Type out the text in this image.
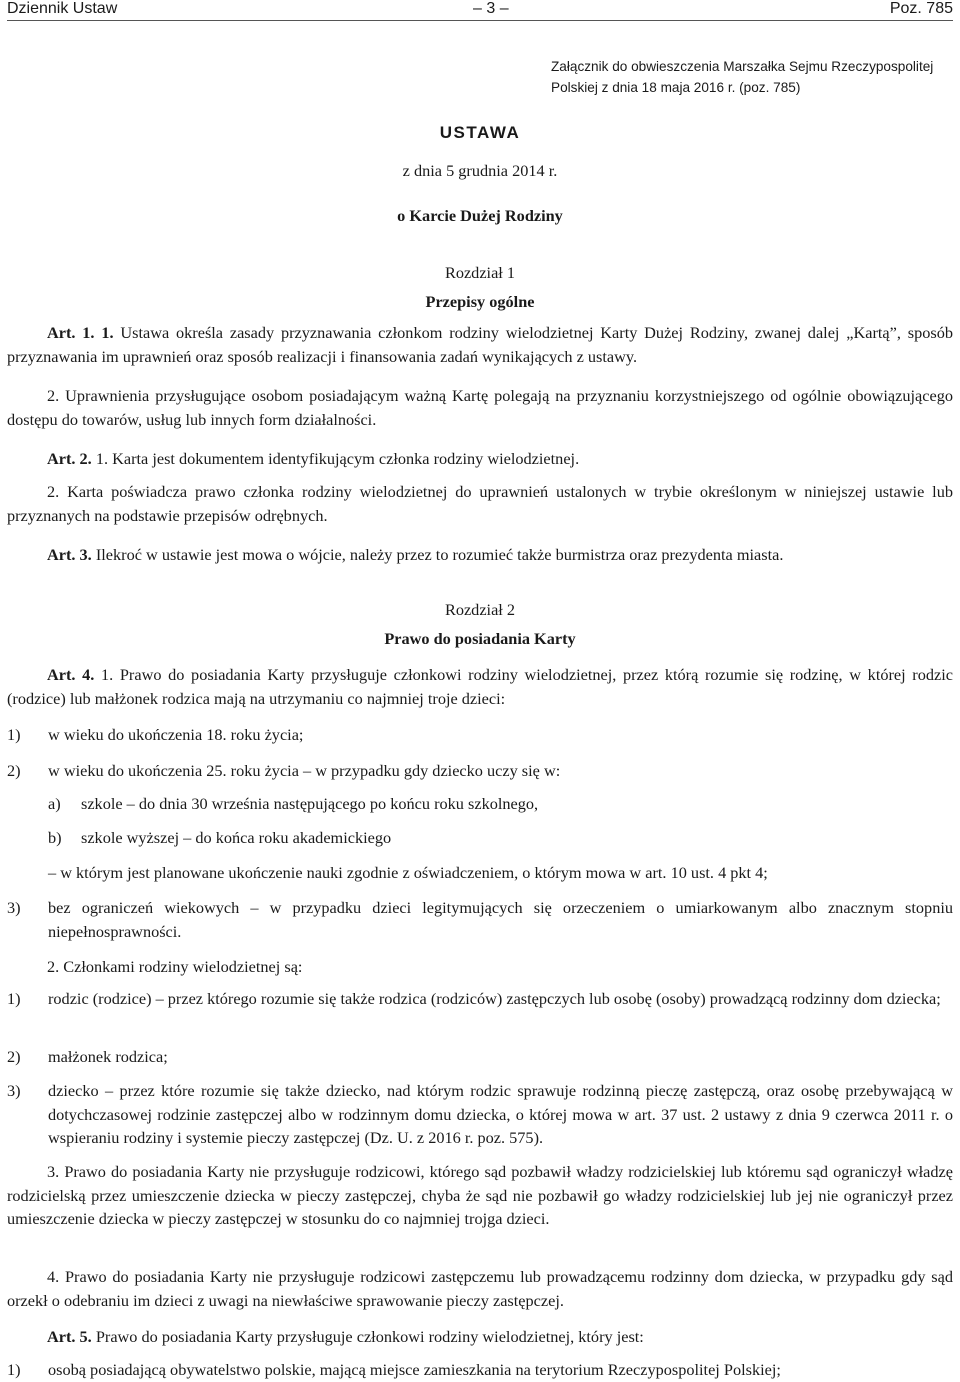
Dziennik Ustaw	– 3 –	Poz. 785
Załącznik do obwieszczenia Marszałka Sejmu Rzeczypospolitej
Polskiej z dnia 18 maja 2016 r. (poz. 785)
USTAWA
z dnia 5 grudnia 2014 r.
o Karcie Dużej Rodziny
Rozdział 1
Przepisy ogólne
Art. 1. 1. Ustawa określa zasady przyznawania członkom rodziny wielodzietnej Karty Dużej Rodziny, zwanej dalej „Kartą”, sposób przyznawania im uprawnień oraz sposób realizacji i finansowania zadań wynikających z ustawy.
2. Uprawnienia przysługujące osobom posiadającym ważną Kartę polegają na przyznaniu korzystniejszego od ogólnie obowiązującego dostępu do towarów, usług lub innych form działalności.
Art. 2. 1. Karta jest dokumentem identyfikującym członka rodziny wielodzietnej.
2. Karta poświadcza prawo członka rodziny wielodzietnej do uprawnień ustalonych w trybie określonym w niniejszej ustawie lub przyznanych na podstawie przepisów odrębnych.
Art. 3. Ilekroć w ustawie jest mowa o wójcie, należy przez to rozumieć także burmistrza oraz prezydenta miasta.
Rozdział 2
Prawo do posiadania Karty
Art. 4. 1. Prawo do posiadania Karty przysługuje członkowi rodziny wielodzietnej, przez którą rozumie się rodzinę, w której rodzic (rodzice) lub małżonek rodzica mają na utrzymaniu co najmniej troje dzieci:
1) w wieku do ukończenia 18. roku życia;
2) w wieku do ukończenia 25. roku życia – w przypadku gdy dziecko uczy się w:
a) szkole – do dnia 30 września następującego po końcu roku szkolnego,
b) szkole wyższej – do końca roku akademickiego
– w którym jest planowane ukończenie nauki zgodnie z oświadczeniem, o którym mowa w art. 10 ust. 4 pkt 4;
3) bez ograniczeń wiekowych – w przypadku dzieci legitymujących się orzeczeniem o umiarkowanym albo znacznym stopniu niepełnosprawności.
2. Członkami rodziny wielodzietnej są:
1) rodzic (rodzice) – przez którego rozumie się także rodzica (rodziców) zastępczych lub osobę (osoby) prowadzącą rodzinny dom dziecka;
2) małżonek rodzica;
3) dziecko – przez które rozumie się także dziecko, nad którym rodzic sprawuje rodzinną pieczę zastępczą, oraz osobę przebywającą w dotychczasowej rodzinie zastępczej albo w rodzinnym domu dziecka, o której mowa w art. 37 ust. 2 ustawy z dnia 9 czerwca 2011 r. o wspieraniu rodziny i systemie pieczy zastępczej (Dz. U. z 2016 r. poz. 575).
3. Prawo do posiadania Karty nie przysługuje rodzicowi, którego sąd pozbawił władzy rodzicielskiej lub któremu sąd ograniczył władzę rodzicielską przez umieszczenie dziecka w pieczy zastępczej, chyba że sąd nie pozbawił go władzy rodzicielskiej lub jej nie ograniczył przez umieszczenie dziecka w pieczy zastępczej w stosunku do co najmniej trojga dzieci.
4. Prawo do posiadania Karty nie przysługuje rodzicowi zastępczemu lub prowadzącemu rodzinny dom dziecka, w przypadku gdy sąd orzekł o odebraniu im dzieci z uwagi na niewłaściwe sprawowanie pieczy zastępczej.
Art. 5. Prawo do posiadania Karty przysługuje członkowi rodziny wielodzietnej, który jest:
1) osobą posiadającą obywatelstwo polskie, mającą miejsce zamieszkania na terytorium Rzeczypospolitej Polskiej;
